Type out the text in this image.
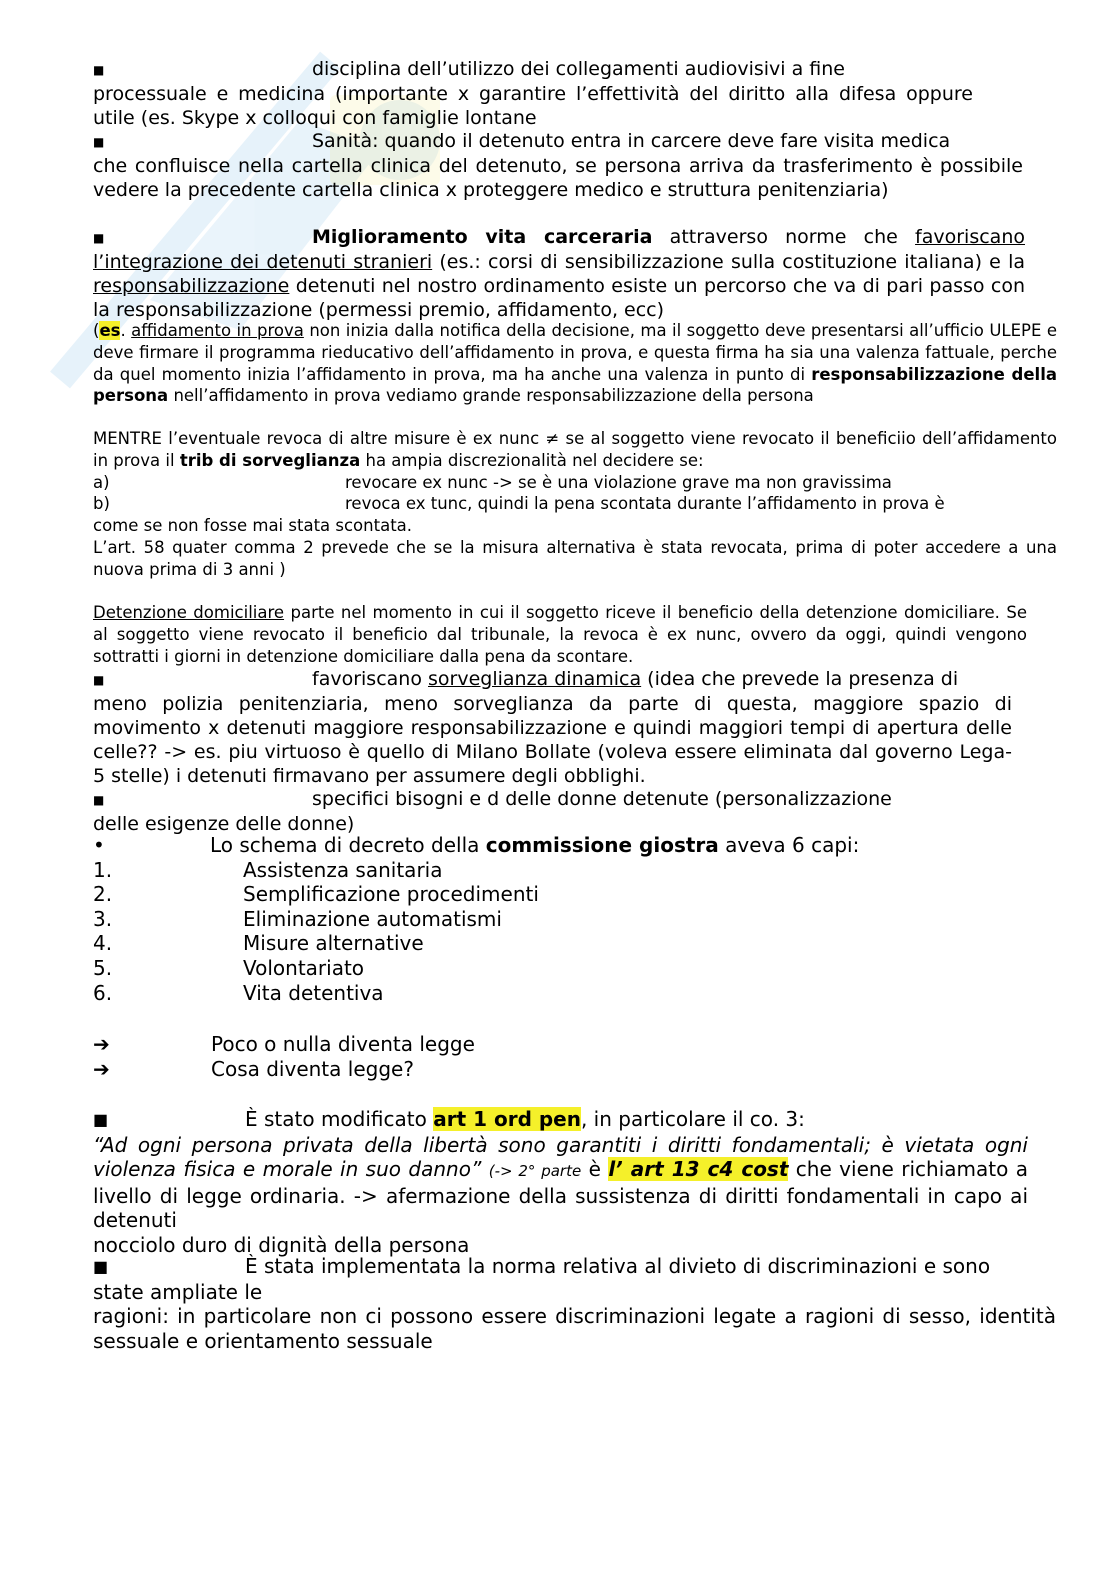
■	disciplina dell’utilizzo dei collegamenti audiovisivi a fine
processuale e medicina (importante x garantire l’effettività del diritto alla difesa oppure utile (es. Skype x colloqui con famiglie lontane
■	Sanità: quando il detenuto entra in carcere deve fare visita medica
che confluisce nella cartella clinica del detenuto, se persona arriva da trasferimento è possibile vedere la precedente cartella clinica x proteggere medico e struttura penitenziaria)
■	Miglioramento vita carceraria attraverso norme che favoriscano l’integrazione dei detenuti stranieri (es.: corsi di sensibilizzazione sulla costituzione italiana) e la responsabilizzazione detenuti nel nostro ordinamento esiste un percorso che va di pari passo con la responsabilizzazione (permessi premio, affidamento, ecc)
(es. affidamento in prova non inizia dalla notifica della decisione, ma il soggetto deve presentarsi all’ufficio ULEPE e deve firmare il programma rieducativo dell’affidamento in prova, e questa firma ha sia una valenza fattuale, perche da quel momento inizia l’affidamento in prova, ma ha anche una valenza in punto di responsabilizzazione della persona nell’affidamento in prova vediamo grande responsabilizzazione della persona
MENTRE l’eventuale revoca di altre misure è ex nunc ≠ se al soggetto viene revocato il beneficiio dell’affidamento in prova il trib di sorveglianza ha ampia discrezionalità nel decidere se:
a)	revocare ex nunc -> se è una violazione grave ma non gravissima
b)	revoca ex tunc, quindi la pena scontata durante l’affidamento in prova è
come se non fosse mai stata scontata.
L’art. 58 quater comma 2 prevede che se la misura alternativa è stata revocata, prima di poter accedere a una nuova prima di 3 anni )
Detenzione domiciliare parte nel momento in cui il soggetto riceve il beneficio della detenzione domiciliare. Se al soggetto viene revocato il beneficio dal tribunale, la revoca è ex nunc, ovvero da oggi, quindi vengono sottratti i giorni in detenzione domiciliare dalla pena da scontare.
■	favoriscano sorveglianza dinamica (idea che prevede la presenza di
meno polizia penitenziaria, meno sorveglianza da parte di questa, maggiore spazio di movimento x detenuti maggiore responsabilizzazione e quindi maggiori tempi di apertura delle celle?? -> es. piu virtuoso è quello di Milano Bollate (voleva essere eliminata dal governo Lega- 5 stelle) i detenuti firmavano per assumere degli obblighi.
■	specifici bisogni e d delle donne detenute (personalizzazione
delle esigenze delle donne)
•	Lo schema di decreto della commissione giostra aveva 6 capi:
1.	Assistenza sanitaria
2.	Semplificazione procedimenti
3.	Eliminazione automatismi
4.	Misure alternative
5.	Volontariato
6.	Vita detentiva
➔	Poco o nulla diventa legge
➔	Cosa diventa legge?
■	È stato modificato art 1 ord pen, in particolare il co. 3:
“Ad ogni persona privata della libertà sono garantiti i diritti fondamentali; è vietata ogni violenza fisica e morale in suo danno” (-> 2° parte è l’ art 13 c4 cost che viene richiamato a livello di legge ordinaria. -> afermazione della sussistenza di diritti fondamentali in capo ai detenuti
nocciolo duro di dignità della persona
■	È stata implementata la norma relativa al divieto di discriminazioni e sono
state ampliate le
ragioni: in particolare non ci possono essere discriminazioni legate a ragioni di sesso, identità sessuale e orientamento sessuale
